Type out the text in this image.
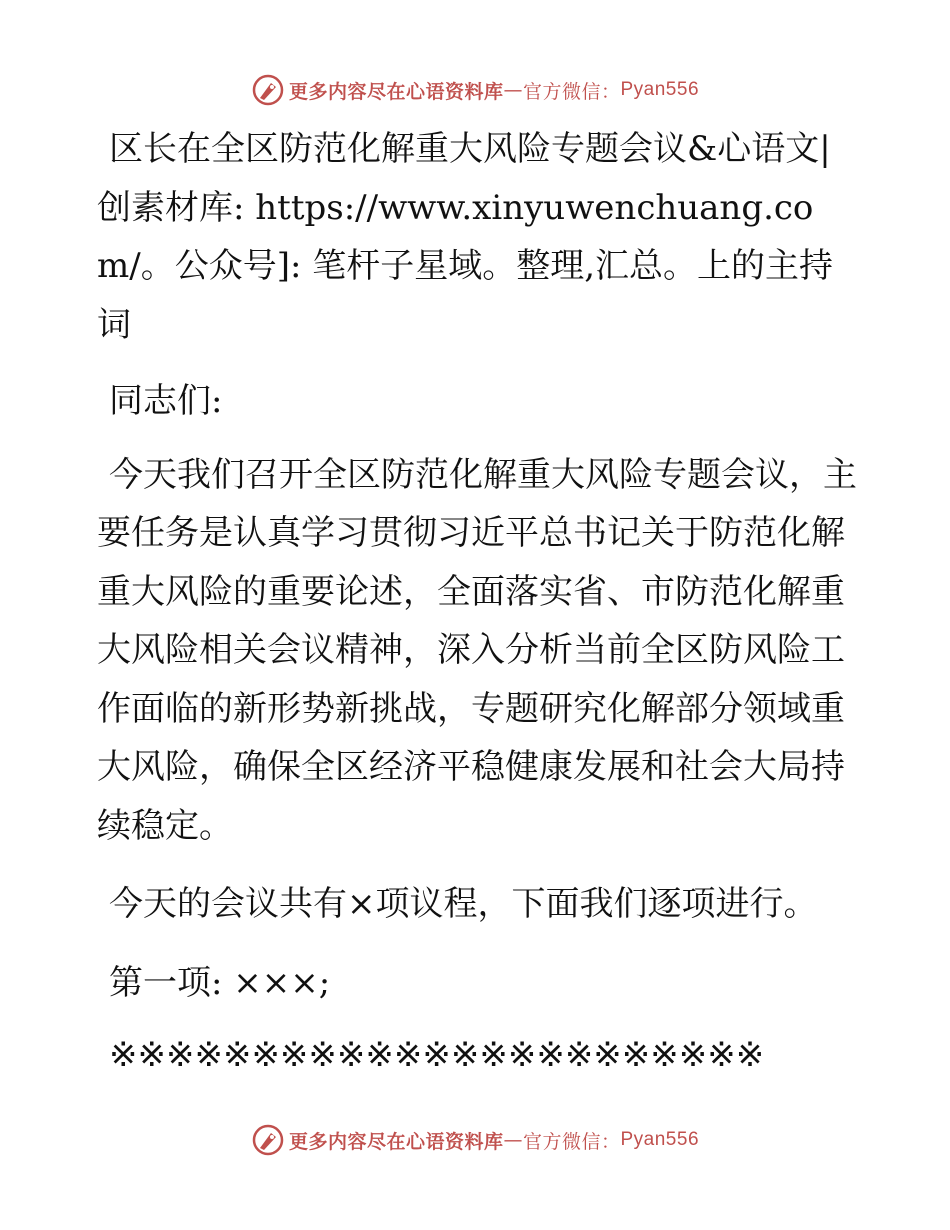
更多内容尽在心语资料库 — 官方微信： Pyan556

区长在全区防范化解重大风险专题会议&心语文|创素材库: https://www.xinyuwenchuang.com/。公众号]: 笔杆子星域。整理,汇总。上的主持词

同志们:

今天我们召开全区防范化解重大风险专题会议，主要任务是认真学习贯彻习近平总书记关于防范化解重大风险的重要论述，全面落实省、市防范化解重大风险相关会议精神，深入分析当前全区防风险工作面临的新形势新挑战，专题研究化解部分领域重大风险，确保全区经济平稳健康发展和社会大局持续稳定。

今天的会议共有×项议程，下面我们逐项进行。

第一项: ×××;

※※※※※※※※※※※※※※※※※※※※※※※

更多内容尽在心语资料库 — 官方微信： Pyan556
